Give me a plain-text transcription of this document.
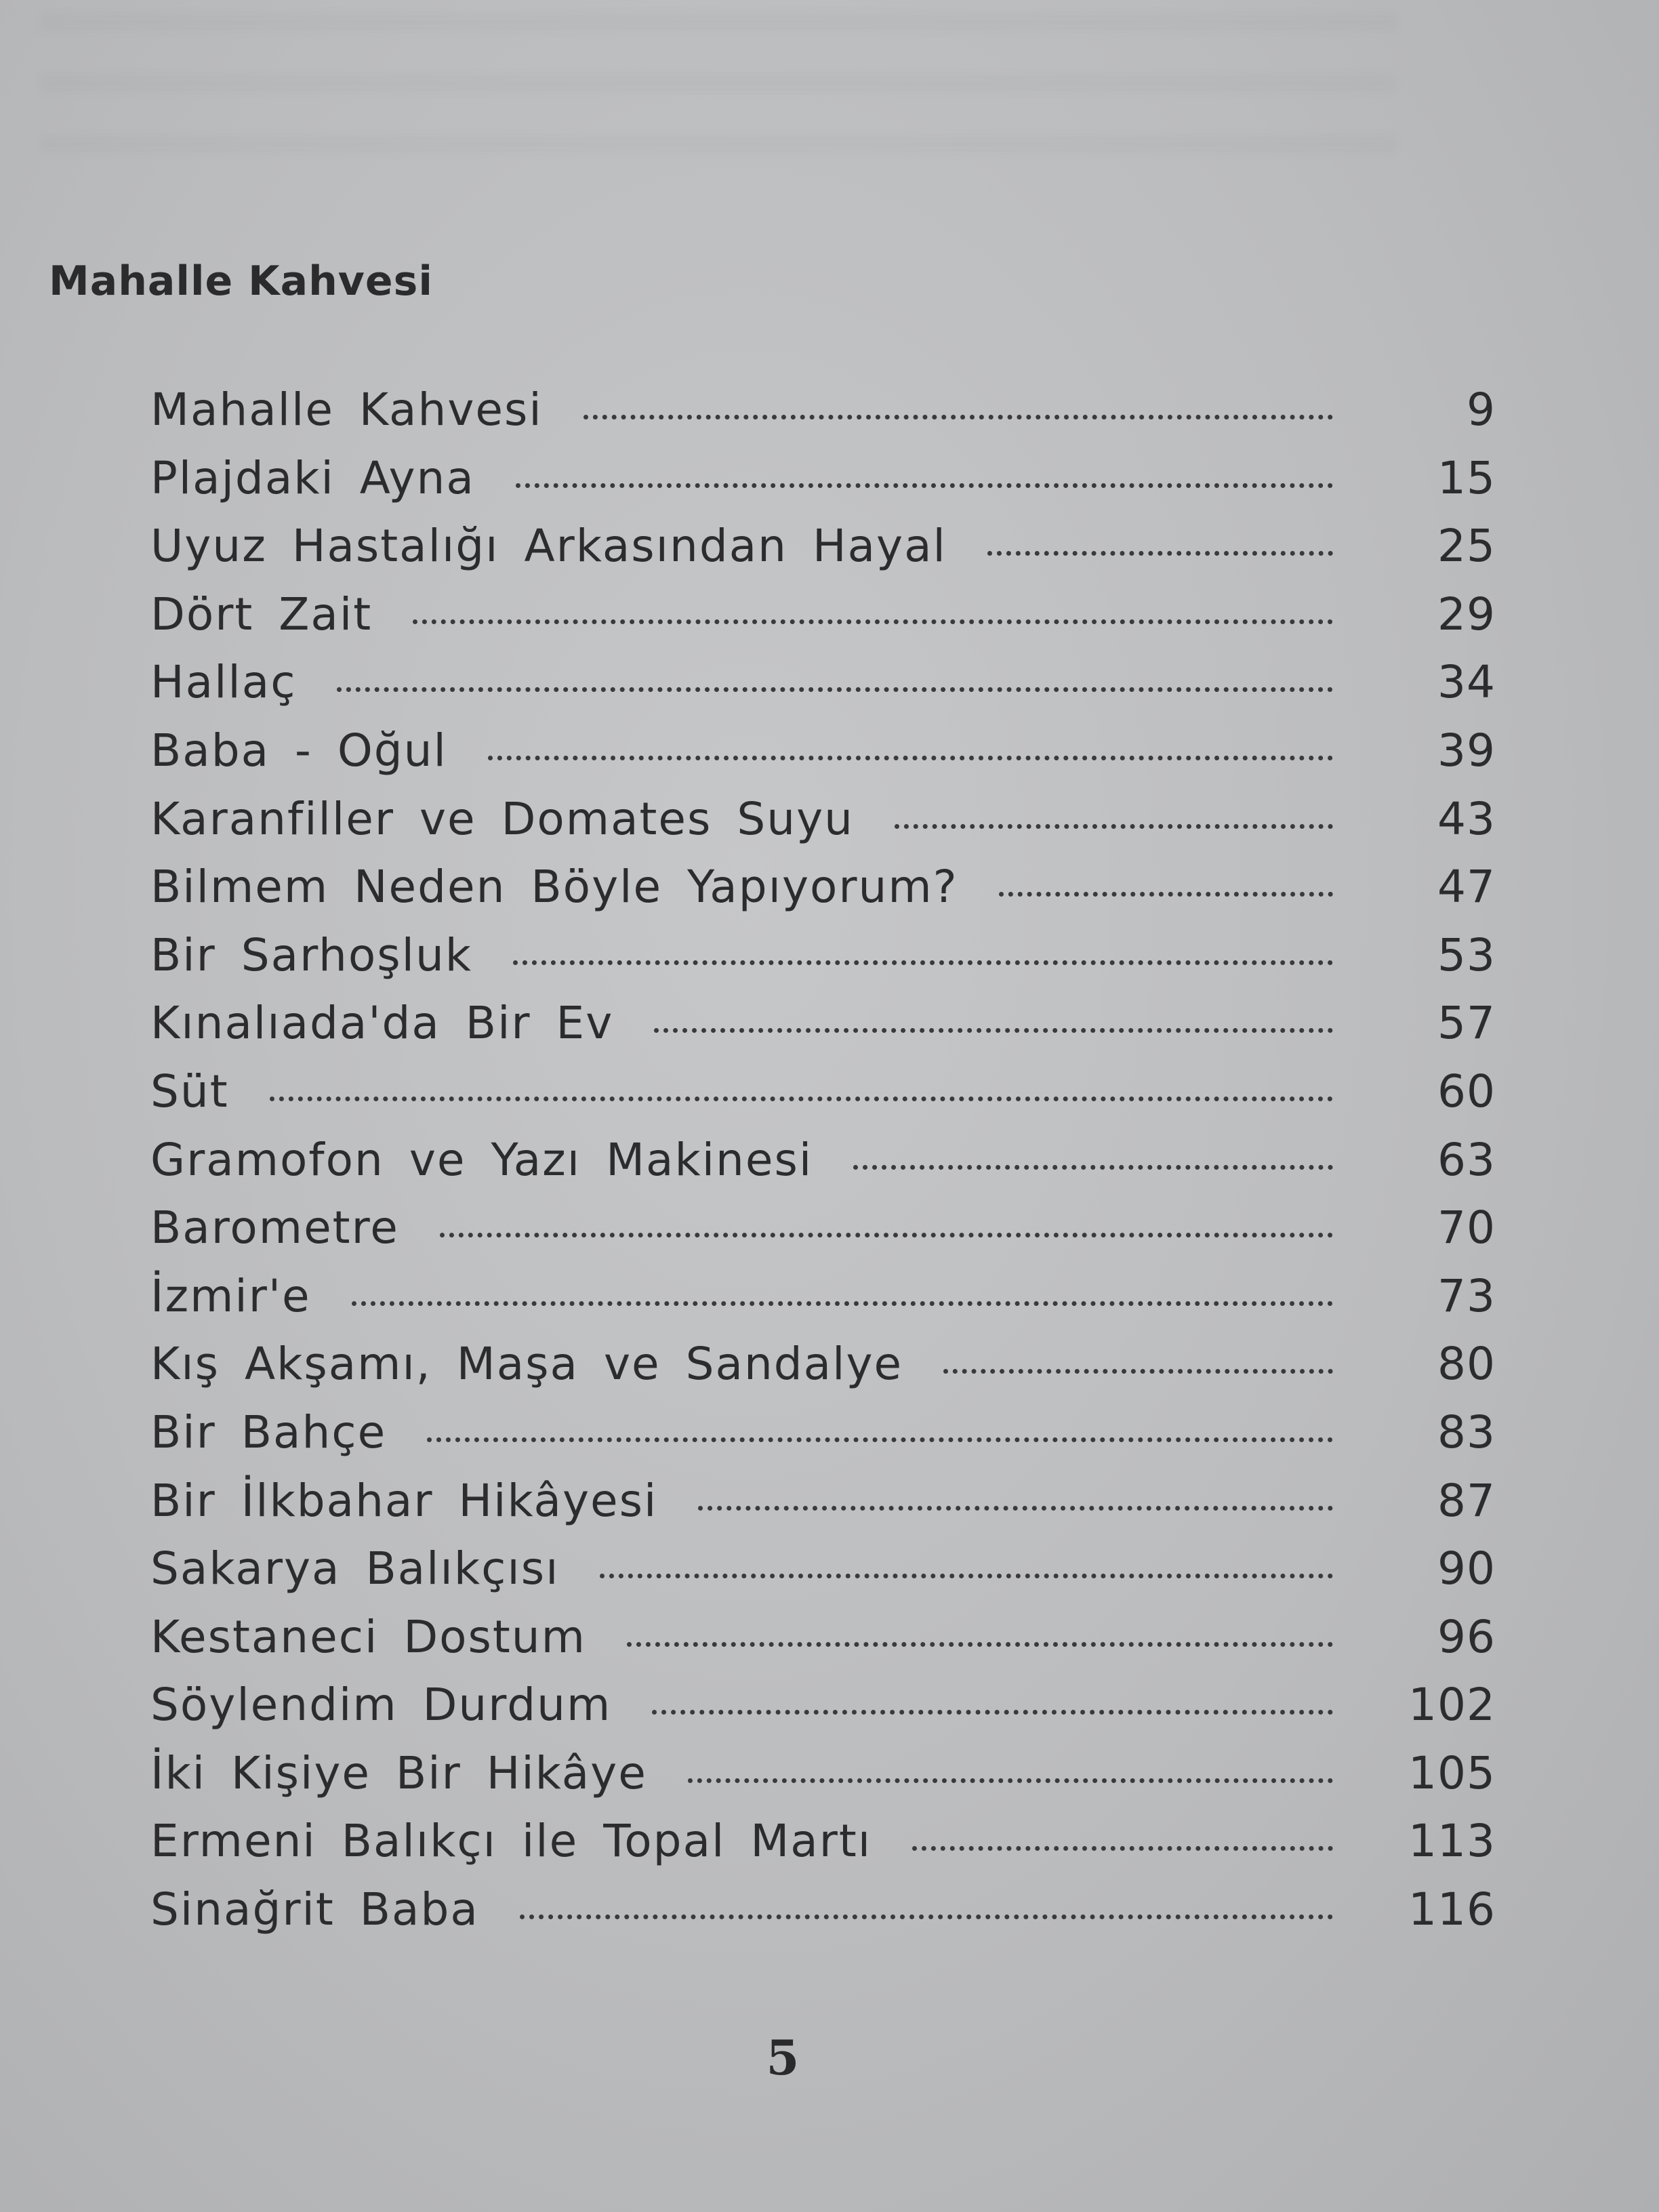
Mahalle Kahvesi
Mahalle Kahvesi	9
Plajdaki Ayna	15
Uyuz Hastalığı Arkasından Hayal	25
Dört Zait	29
Hallaç	34
Baba - Oğul	39
Karanfiller ve Domates Suyu	43
Bilmem Neden Böyle Yapıyorum?	47
Bir Sarhoşluk	53
Kınalıada'da Bir Ev	57
Süt	60
Gramofon ve Yazı Makinesi	63
Barometre	70
İzmir'e	73
Kış Akşamı, Maşa ve Sandalye	80
Bir Bahçe	83
Bir İlkbahar Hikâyesi	87
Sakarya Balıkçısı	90
Kestaneci Dostum	96
Söylendim Durdum	102
İki Kişiye Bir Hikâye	105
Ermeni Balıkçı ile Topal Martı	113
Sinağrit Baba	116
5
